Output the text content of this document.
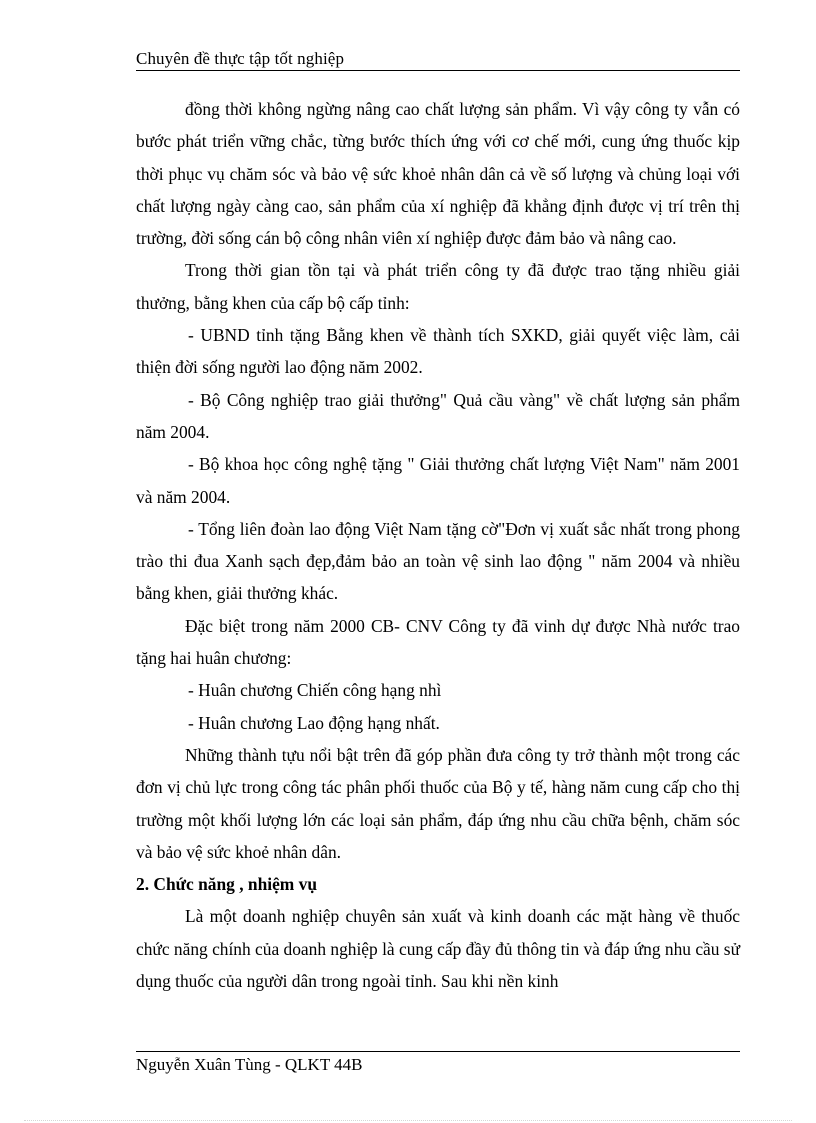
Chuyên đề thực tập tốt nghiệp

đồng thời không ngừng nâng cao chất lượng sản phẩm. Vì vậy công ty vẫn có bước phát triển vững chắc, từng bước thích ứng với cơ chế mới, cung ứng thuốc kịp thời phục vụ chăm sóc và bảo vệ sức khoẻ nhân dân cả về số lượng và chủng loại với chất lượng ngày càng cao, sản phẩm của xí nghiệp đã khẳng định được vị trí trên thị trường, đời sống cán bộ công nhân viên xí nghiệp được đảm bảo và nâng cao.

Trong thời gian tồn tại và phát triển công ty đã được trao tặng nhiều giải thưởng, bằng khen của cấp bộ cấp tỉnh:

- UBND tỉnh tặng Bằng khen về thành tích SXKD, giải quyết việc làm, cải thiện đời sống người lao động năm 2002.

- Bộ Công nghiệp trao giải thưởng" Quả cầu vàng" về chất lượng sản phẩm năm 2004.

- Bộ khoa học công nghệ tặng " Giải thưởng chất lượng Việt Nam" năm 2001 và năm 2004.

- Tổng liên đoàn lao động Việt Nam tặng cờ"Đơn vị xuất sắc nhất trong phong trào thi đua Xanh sạch đẹp,đảm bảo an toàn vệ sinh lao động " năm 2004 và nhiều bằng khen, giải thưởng khác.

Đặc biệt trong năm 2000 CB- CNV Công ty đã vinh dự được Nhà nước trao tặng hai huân chương:

- Huân chương Chiến công hạng nhì

- Huân chương Lao động hạng nhất.

Những thành tựu nổi bật trên đã góp phần đưa công ty trở thành một trong các đơn vị chủ lực trong công tác phân phối thuốc của Bộ y tế, hàng năm cung cấp cho thị trường một khối lượng lớn các loại sản phẩm, đáp ứng nhu cầu chữa bệnh, chăm sóc và bảo vệ sức khoẻ nhân dân.

2. Chức năng , nhiệm vụ

Là một doanh nghiệp chuyên sản xuất và kinh doanh các mặt hàng về thuốc chức năng chính của doanh nghiệp là cung cấp đầy đủ thông tin và đáp ứng nhu cầu sử dụng thuốc của người dân trong ngoài tỉnh. Sau khi nền kinh

Nguyễn Xuân Tùng - QLKT 44B
